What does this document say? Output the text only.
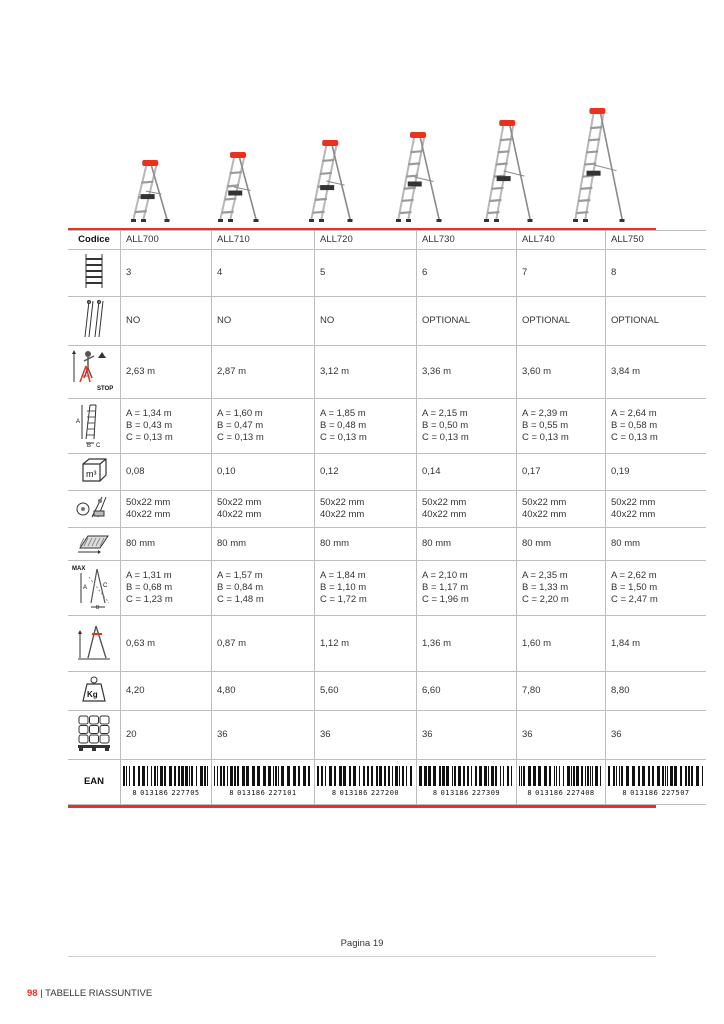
Codice	ALL700	ALL710	ALL720	ALL730	ALL740	ALL750

3	4	5	6	7	8

NO	NO	NO	OPTIONAL	OPTIONAL	OPTIONAL

STOP	2,63 m	2,87 m	3,12 m	3,36 m	3,60 m	3,84 m

A
B C	A = 1,34 m
B = 0,43 m
C = 0,13 m	A = 1,60 m
B = 0,47 m
C = 0,13 m	A = 1,85 m
B = 0,48 m
C = 0,13 m	A = 2,15 m
B = 0,50 m
C = 0,13 m	A = 2,39 m
B = 0,55 m
C = 0,13 m	A = 2,64 m
B = 0,58 m
C = 0,13 m

m³	0,08	0,10	0,12	0,14	0,17	0,19

50x22 mm
40x22 mm	50x22 mm
40x22 mm	50x22 mm
40x22 mm	50x22 mm
40x22 mm	50x22 mm
40x22 mm	50x22 mm
40x22 mm

80 mm	80 mm	80 mm	80 mm	80 mm	80 mm

MAX
A C
B	A = 1,31 m
B = 0,68 m
C = 1,23 m	A = 1,57 m
B = 0,84 m
C = 1,48 m	A = 1,84 m
B = 1,10 m
C = 1,72 m	A = 2,10 m
B = 1,17 m
C = 1,96 m	A = 2,35 m
B = 1,33 m
C = 2,20 m	A = 2,62 m
B = 1,50 m
C = 2,47 m

0,63 m	0,87 m	1,12 m	1,36 m	1,60 m	1,84 m

Kg	4,20	4,80	5,60	6,60	7,80	8,80

20	36	36	36	36	36

EAN	8 013186 227705	8 013186 227101	8 013186 227200	8 013186 227309	8 013186 227408	8 013186 227507
Pagina 19
98 | TABELLE RIASSUNTIVE
